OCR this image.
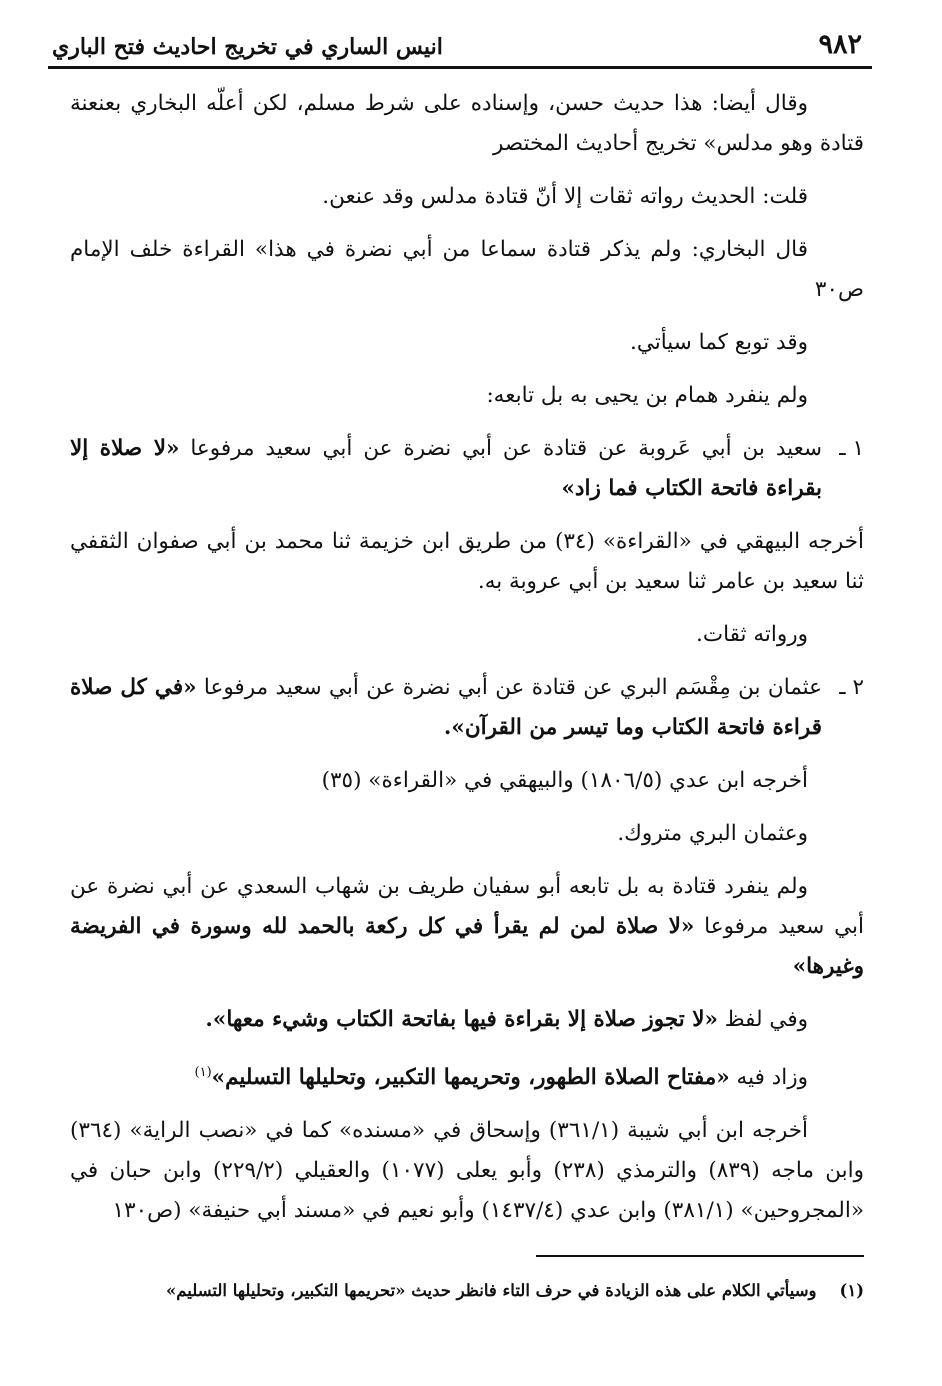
٩٨٢
انيس الساري في تخريج احاديث فتح الباري

وقال أيضا: هذا حديث حسن، وإسناده على شرط مسلم، لكن أعلّه البخاري بعنعنة قتادة وهو مدلس» تخريج أحاديث المختصر

قلت: الحديث رواته ثقات إلا أنّ قتادة مدلس وقد عنعن.

قال البخاري: ولم يذكر قتادة سماعا من أبي نضرة في هذا» القراءة خلف الإمام ص٣٠

وقد توبع كما سيأتي.

ولم ينفرد همام بن يحيى به بل تابعه:

١ ـ
سعيد بن أبي عَروبة عن قتادة عن أبي نضرة عن أبي سعيد مرفوعا «لا صلاة إلا بقراءة فاتحة الكتاب فما زاد»

أخرجه البيهقي في «القراءة» (٣٤) من طريق ابن خزيمة ثنا محمد بن أبي صفوان الثقفي ثنا سعيد بن عامر ثنا سعيد بن أبي عروبة به.

ورواته ثقات.

٢ ـ
عثمان بن مِقْسَم البري عن قتادة عن أبي نضرة عن أبي سعيد مرفوعا «في كل صلاة قراءة فاتحة الكتاب وما تيسر من القرآن».

أخرجه ابن عدي (١٨٠٦/٥) والبيهقي في «القراءة» (٣٥)

وعثمان البري متروك.

ولم ينفرد قتادة به بل تابعه أبو سفيان طريف بن شهاب السعدي عن أبي نضرة عن أبي سعيد مرفوعا «لا صلاة لمن لم يقرأ في كل ركعة بالحمد لله وسورة في الفريضة وغيرها»

وفي لفظ «لا تجوز صلاة إلا بقراءة فيها بفاتحة الكتاب وشيء معها».

وزاد فيه «مفتاح الصلاة الطهور، وتحريمها التكبير، وتحليلها التسليم»$^{(١)}$

أخرجه ابن أبي شيبة (٣٦١/١) وإسحاق في «مسنده» كما في «نصب الراية» (٣٦٤) وابن ماجه (٨٣٩) والترمذي (٢٣٨) وأبو يعلى (١٠٧٧) والعقيلي (٢٢٩/٢) وابن حبان في «المجروحين» (٣٨١/١) وابن عدي (١٤٣٧/٤) وأبو نعيم في «مسند أبي حنيفة» (ص١٣٠

(١)    وسيأتي الكلام على هذه الزيادة في حرف التاء فانظر حديث «تحريمها التكبير، وتحليلها التسليم»
